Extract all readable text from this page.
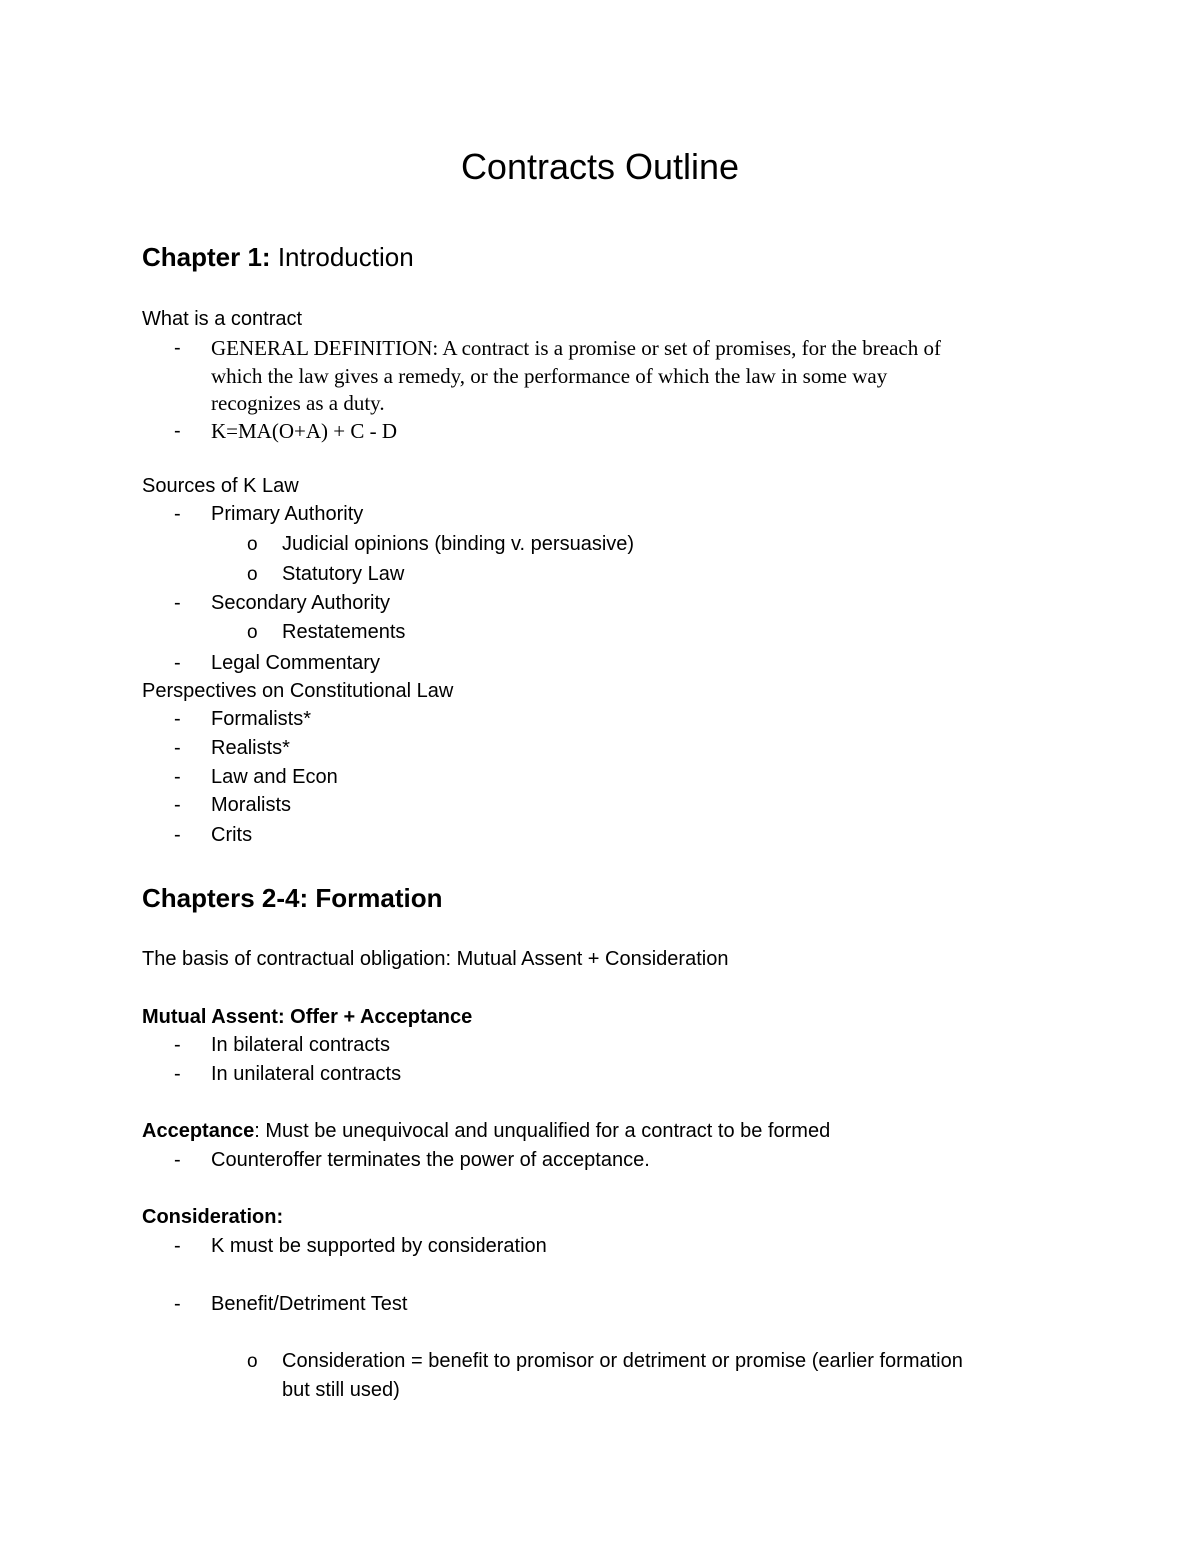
Contracts Outline
Chapter 1: Introduction
What is a contract
- GENERAL DEFINITION: A contract is a promise or set of promises, for the breach of
which the law gives a remedy, or the performance of which the law in some way
recognizes as a duty.
- K=MA(O+A) + C - D
Sources of K Law
- Primary Authority
o Judicial opinions (binding v. persuasive)
o Statutory Law
- Secondary Authority
o Restatements
- Legal Commentary
Perspectives on Constitutional Law
- Formalists*
- Realists*
- Law and Econ
- Moralists
- Crits
Chapters 2-4: Formation
The basis of contractual obligation: Mutual Assent + Consideration
Mutual Assent: Offer + Acceptance
- In bilateral contracts
- In unilateral contracts
Acceptance: Must be unequivocal and unqualified for a contract to be formed
- Counteroffer terminates the power of acceptance.
Consideration:
- K must be supported by consideration
- Benefit/Detriment Test
o Consideration = benefit to promisor or detriment or promise (earlier formation
but still used)
